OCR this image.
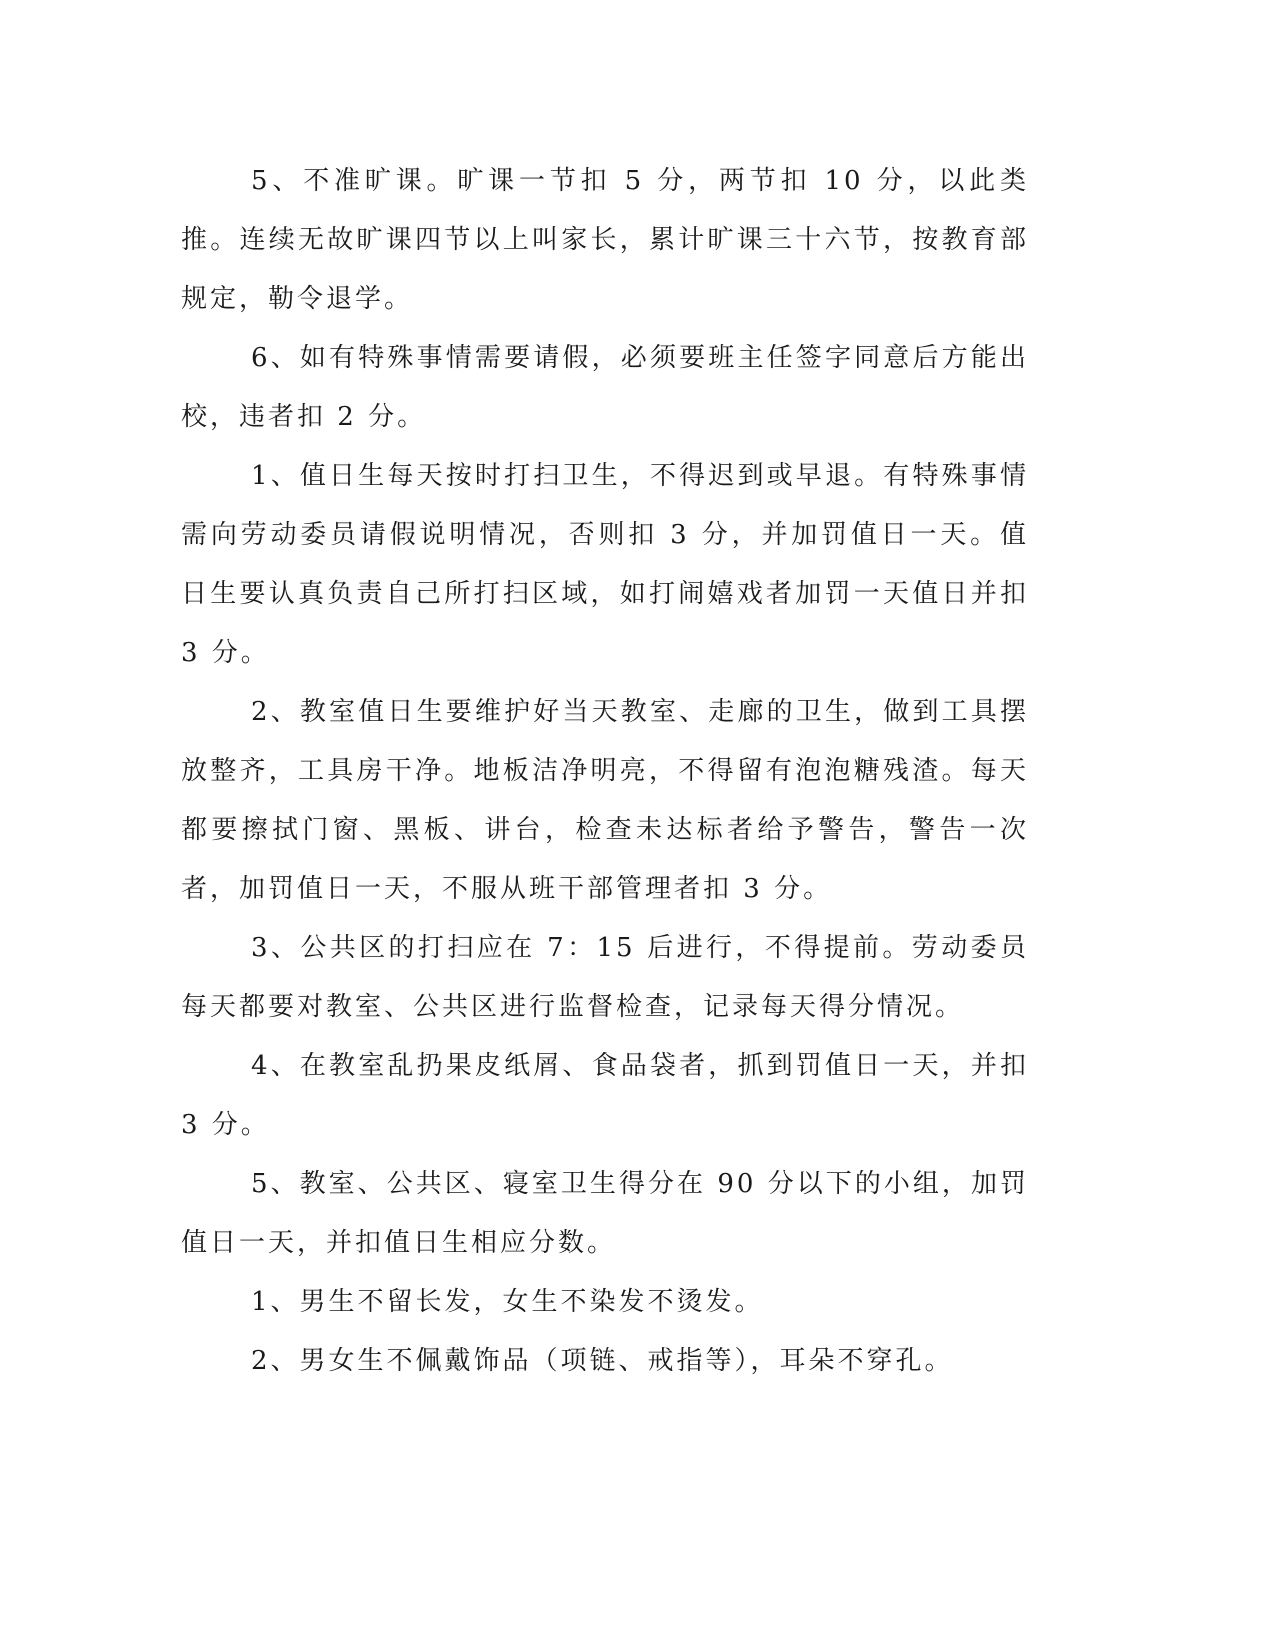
5、不准旷课。旷课一节扣 5 分，两节扣 10 分，以此类推。连续无故旷课四节以上叫家长，累计旷课三十六节，按教育部规定，勒令退学。

6、如有特殊事情需要请假，必须要班主任签字同意后方能出校，违者扣 2 分。

1、值日生每天按时打扫卫生，不得迟到或早退。有特殊事情需向劳动委员请假说明情况，否则扣 3 分，并加罚值日一天。值日生要认真负责自己所打扫区域，如打闹嬉戏者加罚一天值日并扣 3 分。

2、教室值日生要维护好当天教室、走廊的卫生，做到工具摆放整齐，工具房干净。地板洁净明亮，不得留有泡泡糖残渣。每天都要擦拭门窗、黑板、讲台，检查未达标者给予警告，警告一次者，加罚值日一天，不服从班干部管理者扣 3 分。

3、公共区的打扫应在 7：15 后进行，不得提前。劳动委员每天都要对教室、公共区进行监督检查，记录每天得分情况。

4、在教室乱扔果皮纸屑、食品袋者，抓到罚值日一天，并扣 3 分。

5、教室、公共区、寝室卫生得分在 90 分以下的小组，加罚值日一天，并扣值日生相应分数。

1、男生不留长发，女生不染发不烫发。

2、男女生不佩戴饰品（项链、戒指等），耳朵不穿孔。
